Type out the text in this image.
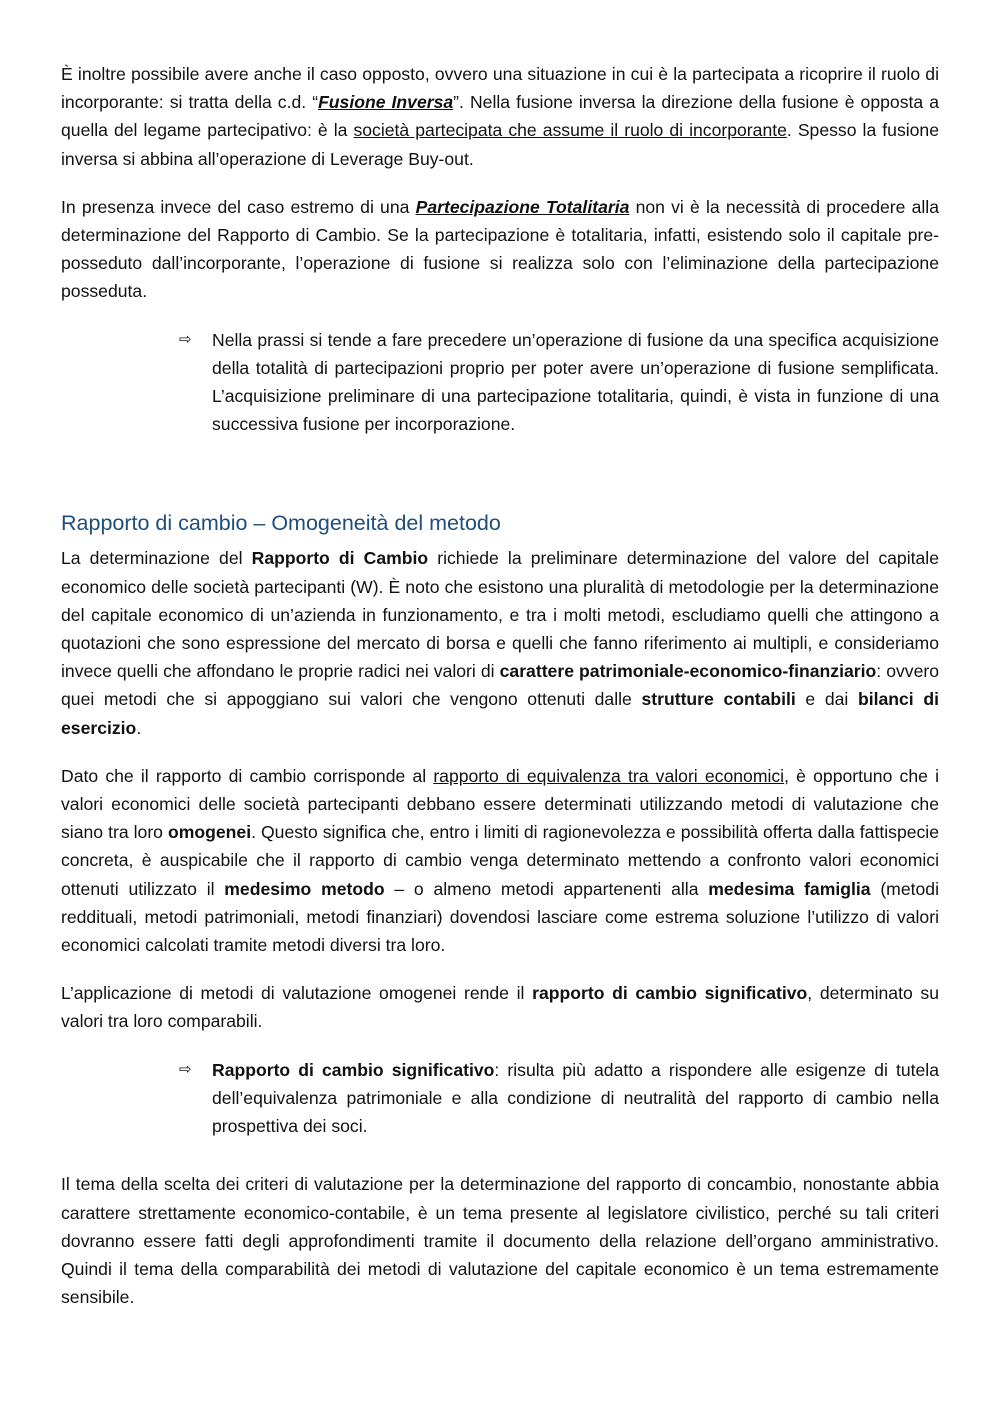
È inoltre possibile avere anche il caso opposto, ovvero una situazione in cui è la partecipata a ricoprire il ruolo di incorporante: si tratta della c.d. “Fusione Inversa”. Nella fusione inversa la direzione della fusione è opposta a quella del legame partecipativo: è la società partecipata che assume il ruolo di incorporante. Spesso la fusione inversa si abbina all’operazione di Leverage Buy-out.

In presenza invece del caso estremo di una Partecipazione Totalitaria non vi è la necessità di procedere alla determinazione del Rapporto di Cambio. Se la partecipazione è totalitaria, infatti, esistendo solo il capitale pre-posseduto dall’incorporante, l’operazione di fusione si realizza solo con l’eliminazione della partecipazione posseduta.

⇨	Nella prassi si tende a fare precedere un’operazione di fusione da una specifica acquisizione della totalità di partecipazioni proprio per poter avere un’operazione di fusione semplificata. L’acquisizione preliminare di una partecipazione totalitaria, quindi, è vista in funzione di una successiva fusione per incorporazione.

Rapporto di cambio – Omogeneità del metodo

La determinazione del Rapporto di Cambio richiede la preliminare determinazione del valore del capitale economico delle società partecipanti (W). È noto che esistono una pluralità di metodologie per la determinazione del capitale economico di un’azienda in funzionamento, e tra i molti metodi, escludiamo quelli che attingono a quotazioni che sono espressione del mercato di borsa e quelli che fanno riferimento ai multipli, e consideriamo invece quelli che affondano le proprie radici nei valori di carattere patrimoniale-economico-finanziario: ovvero quei metodi che si appoggiano sui valori che vengono ottenuti dalle strutture contabili e dai bilanci di esercizio.

Dato che il rapporto di cambio corrisponde al rapporto di equivalenza tra valori economici, è opportuno che i valori economici delle società partecipanti debbano essere determinati utilizzando metodi di valutazione che siano tra loro omogenei. Questo significa che, entro i limiti di ragionevolezza e possibilità offerta dalla fattispecie concreta, è auspicabile che il rapporto di cambio venga determinato mettendo a confronto valori economici ottenuti utilizzato il medesimo metodo – o almeno metodi appartenenti alla medesima famiglia (metodi reddituali, metodi patrimoniali, metodi finanziari) dovendosi lasciare come estrema soluzione l’utilizzo di valori economici calcolati tramite metodi diversi tra loro.

L’applicazione di metodi di valutazione omogenei rende il rapporto di cambio significativo, determinato su valori tra loro comparabili.

⇨	Rapporto di cambio significativo: risulta più adatto a rispondere alle esigenze di tutela dell’equivalenza patrimoniale e alla condizione di neutralità del rapporto di cambio nella prospettiva dei soci.

Il tema della scelta dei criteri di valutazione per la determinazione del rapporto di concambio, nonostante abbia carattere strettamente economico-contabile, è un tema presente al legislatore civilistico, perché su tali criteri dovranno essere fatti degli approfondimenti tramite il documento della relazione dell’organo amministrativo. Quindi il tema della comparabilità dei metodi di valutazione del capitale economico è un tema estremamente sensibile.
